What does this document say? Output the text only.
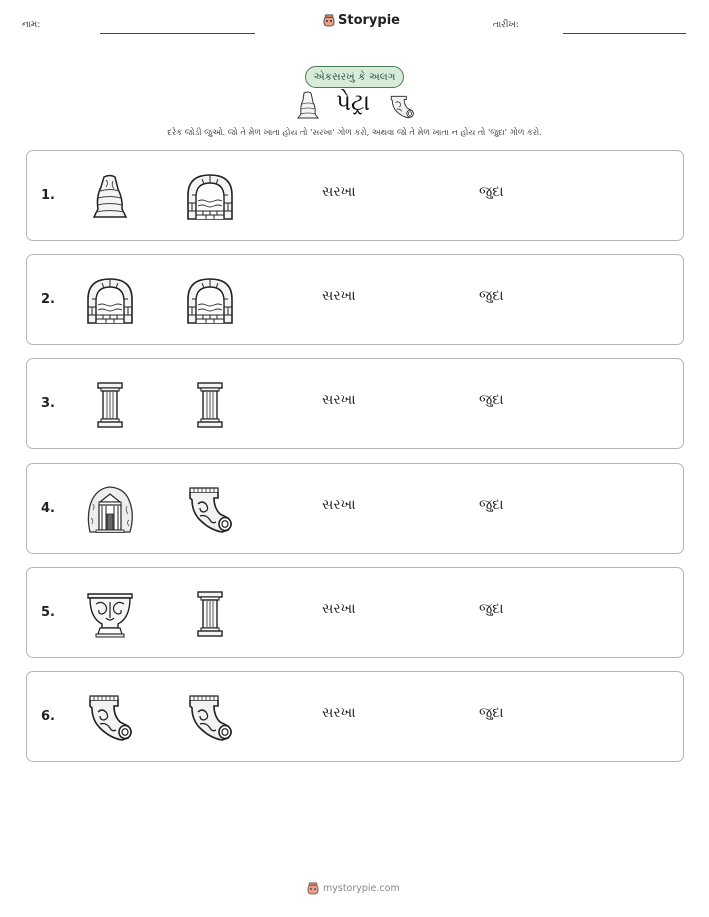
નામ:	Storypie	તારીખ:
એકસરખું કે અલગ
પેટ્રા
દરેક જોડી જુઓ. જો તે મેળ ખાતા હોય તો 'સરખા' ગોળ કરો, અથવા જો તે મેળ ખાતા ન હોય તો 'જુદા' ગોળ કરો.
1.	સરખા	જુદા
2.	સરખા	જુદા
3.	સરખા	જુદા
4.	સરખા	જુદા
5.	સરખા	જુદા
6.	સરખા	જુદા
mystorypie.com
